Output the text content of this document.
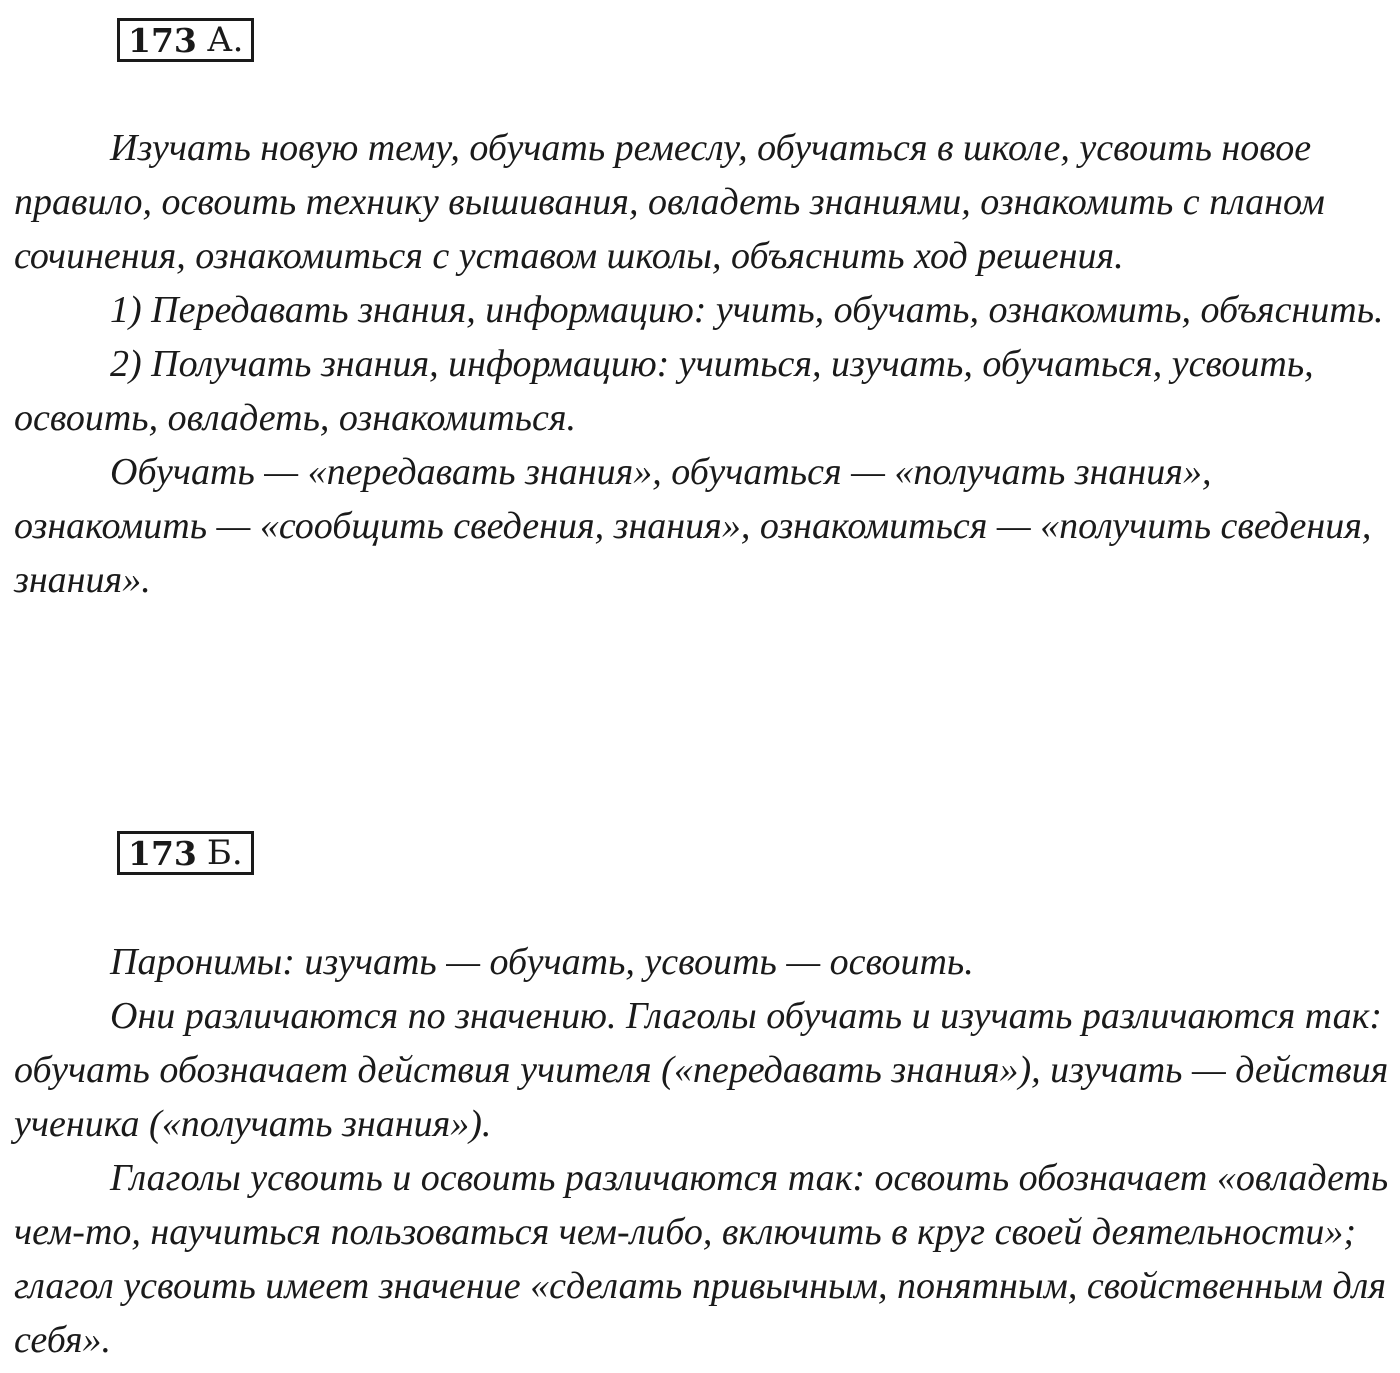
173 А.

Изучать новую тему, обучать ремеслу, обучаться в школе, усвоить новое правило, освоить технику вышивания, овладеть знаниями, ознакомить с планом сочинения, ознакомиться с уставом школы, объяснить ход решения.

1) Передавать знания, информацию: учить, обучать, ознакомить, объяснить.

2) Получать знания, информацию: учиться, изучать, обучаться, усвоить, освоить, овладеть, ознакомиться.

Обучать — «передавать знания», обучаться — «получать знания», ознакомить — «сообщить сведения, знания», ознакомиться — «получить сведения, знания».

173 Б.

Паронимы: изучать — обучать, усвоить — освоить.

Они различаются по значению. Глаголы обучать и изучать различаются так: обучать обозначает действия учителя («передавать знания»), изучать — действия ученика («получать знания»).

Глаголы усвоить и освоить различаются так: освоить обозначает «овладеть чем-то, научиться пользоваться чем-либо, включить в круг своей деятельности»; глагол усвоить имеет значение «сделать привычным, понятным, свойственным для себя».
